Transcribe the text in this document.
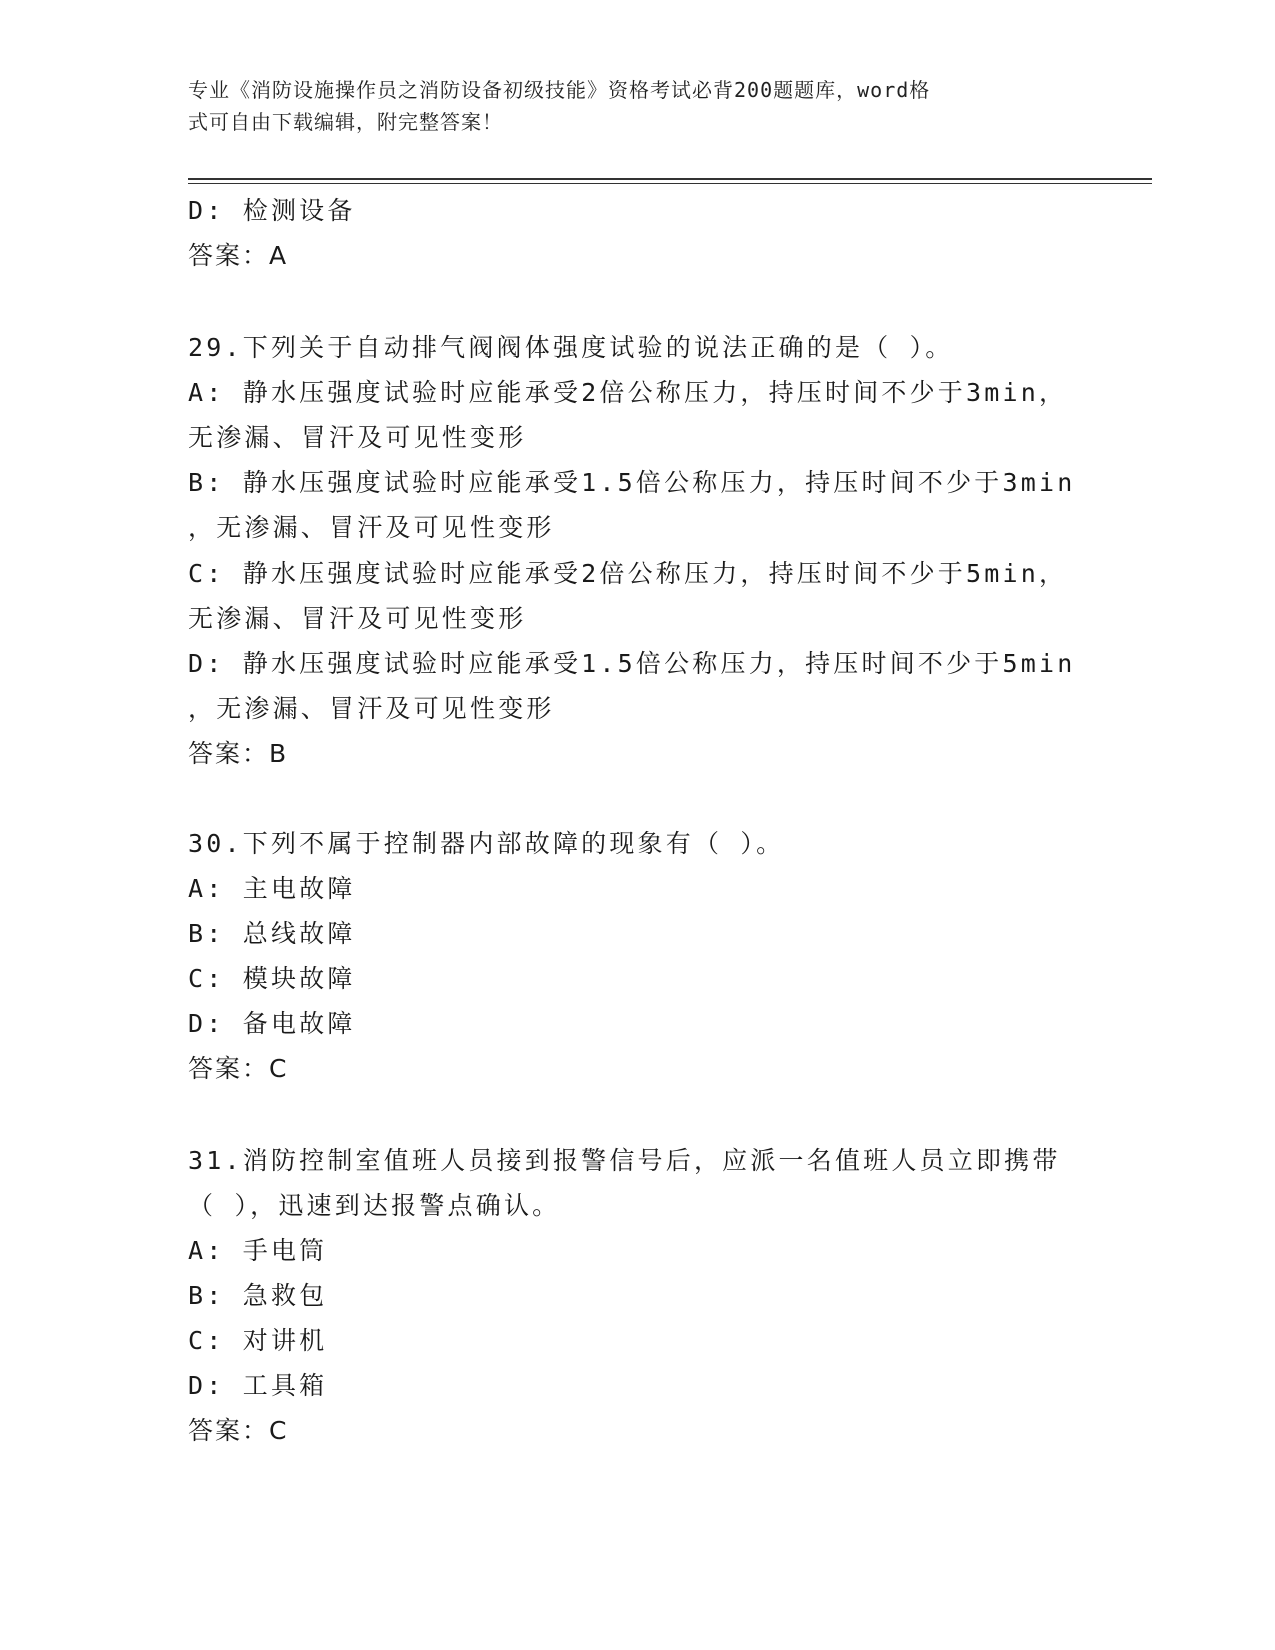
专业《消防设施操作员之消防设备初级技能》资格考试必背200题题库，word格
式可自由下载编辑，附完整答案！
D: 检测设备
答案：A
29.下列关于自动排气阀阀体强度试验的说法正确的是（ ）。
A: 静水压强度试验时应能承受2倍公称压力，持压时间不少于3min，
无渗漏、冒汗及可见性变形
B: 静水压强度试验时应能承受1.5倍公称压力，持压时间不少于3min
，无渗漏、冒汗及可见性变形
C: 静水压强度试验时应能承受2倍公称压力，持压时间不少于5min，
无渗漏、冒汗及可见性变形
D: 静水压强度试验时应能承受1.5倍公称压力，持压时间不少于5min
，无渗漏、冒汗及可见性变形
答案：B
30.下列不属于控制器内部故障的现象有（ ）。
A: 主电故障
B: 总线故障
C: 模块故障
D: 备电故障
答案：C
31.消防控制室值班人员接到报警信号后，应派一名值班人员立即携带
（ ），迅速到达报警点确认。
A: 手电筒
B: 急救包
C: 对讲机
D: 工具箱
答案：C
